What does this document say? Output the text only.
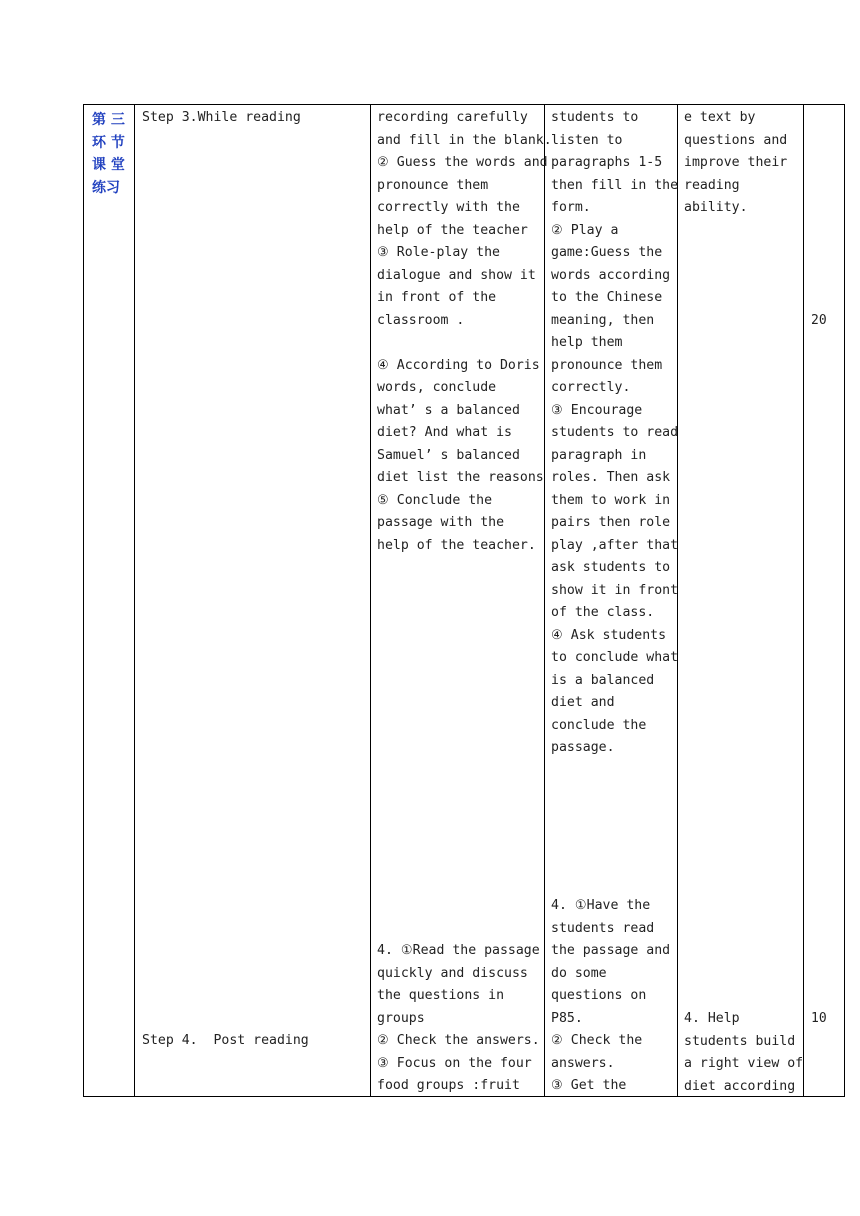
第 三
环 节
课 堂
练习
Step 3.While reading
Step 4.  Post reading
recording carefully
and fill in the blank.
② Guess the words and
pronounce them
correctly with the
help of the teacher
③ Role-play the
dialogue and show it
in front of the
classroom .

④ According to Doris
words, conclude
what’ s a balanced
diet? And what is
Samuel’ s balanced
diet list the reasons
⑤ Conclude the
passage with the
help of the teacher.
4. ①Read the passage
quickly and discuss
the questions in
groups
② Check the answers.
③ Focus on the four
food groups :fruit
students to
listen to
paragraphs 1-5
then fill in the
form.
② Play a
game:Guess the
words according
to the Chinese
meaning, then
help them
pronounce them
correctly.
③ Encourage
students to read
paragraph in
roles. Then ask
them to work in
pairs then role
play ,after that
ask students to
show it in front
of the class.
④ Ask students
to conclude what
is a balanced
diet and
conclude the
passage.
4. ①Have the
students read
the passage and
do some
questions on
P85.
② Check the
answers.
③ Get the
e text by
questions and
improve their
reading
ability.
4. Help
students build
a right view of
diet according
20
10
